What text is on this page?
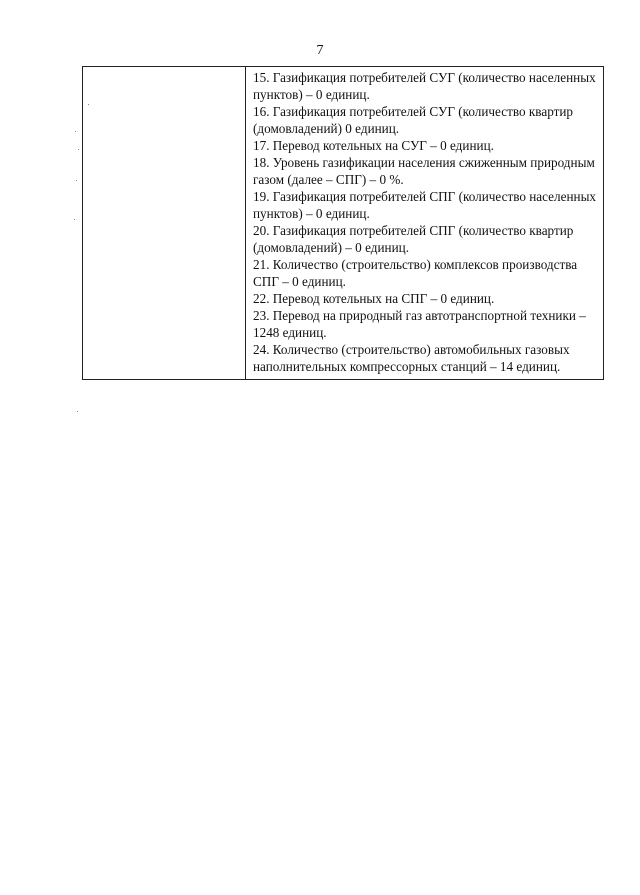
7

15. Газификация потребителей СУГ (количество населенных пунктов) – 0 единиц.

16. Газификация потребителей СУГ (количество квартир (домовладений) 0 единиц.

17. Перевод котельных на СУГ – 0 единиц.

18. Уровень газификации населения сжиженным природным газом (далее – СПГ) – 0 %.

19. Газификация потребителей СПГ (количество населенных пунктов) – 0 единиц.

20. Газификация потребителей СПГ (количество квартир (домовладений) – 0 единиц.

21. Количество (строительство) комплексов производства СПГ – 0 единиц.

22. Перевод котельных на СПГ – 0 единиц.

23. Перевод на природный газ автотранспортной техники – 1248 единиц.

24. Количество (строительство) автомобильных газовых наполнительных компрессорных станций – 14 единиц.
